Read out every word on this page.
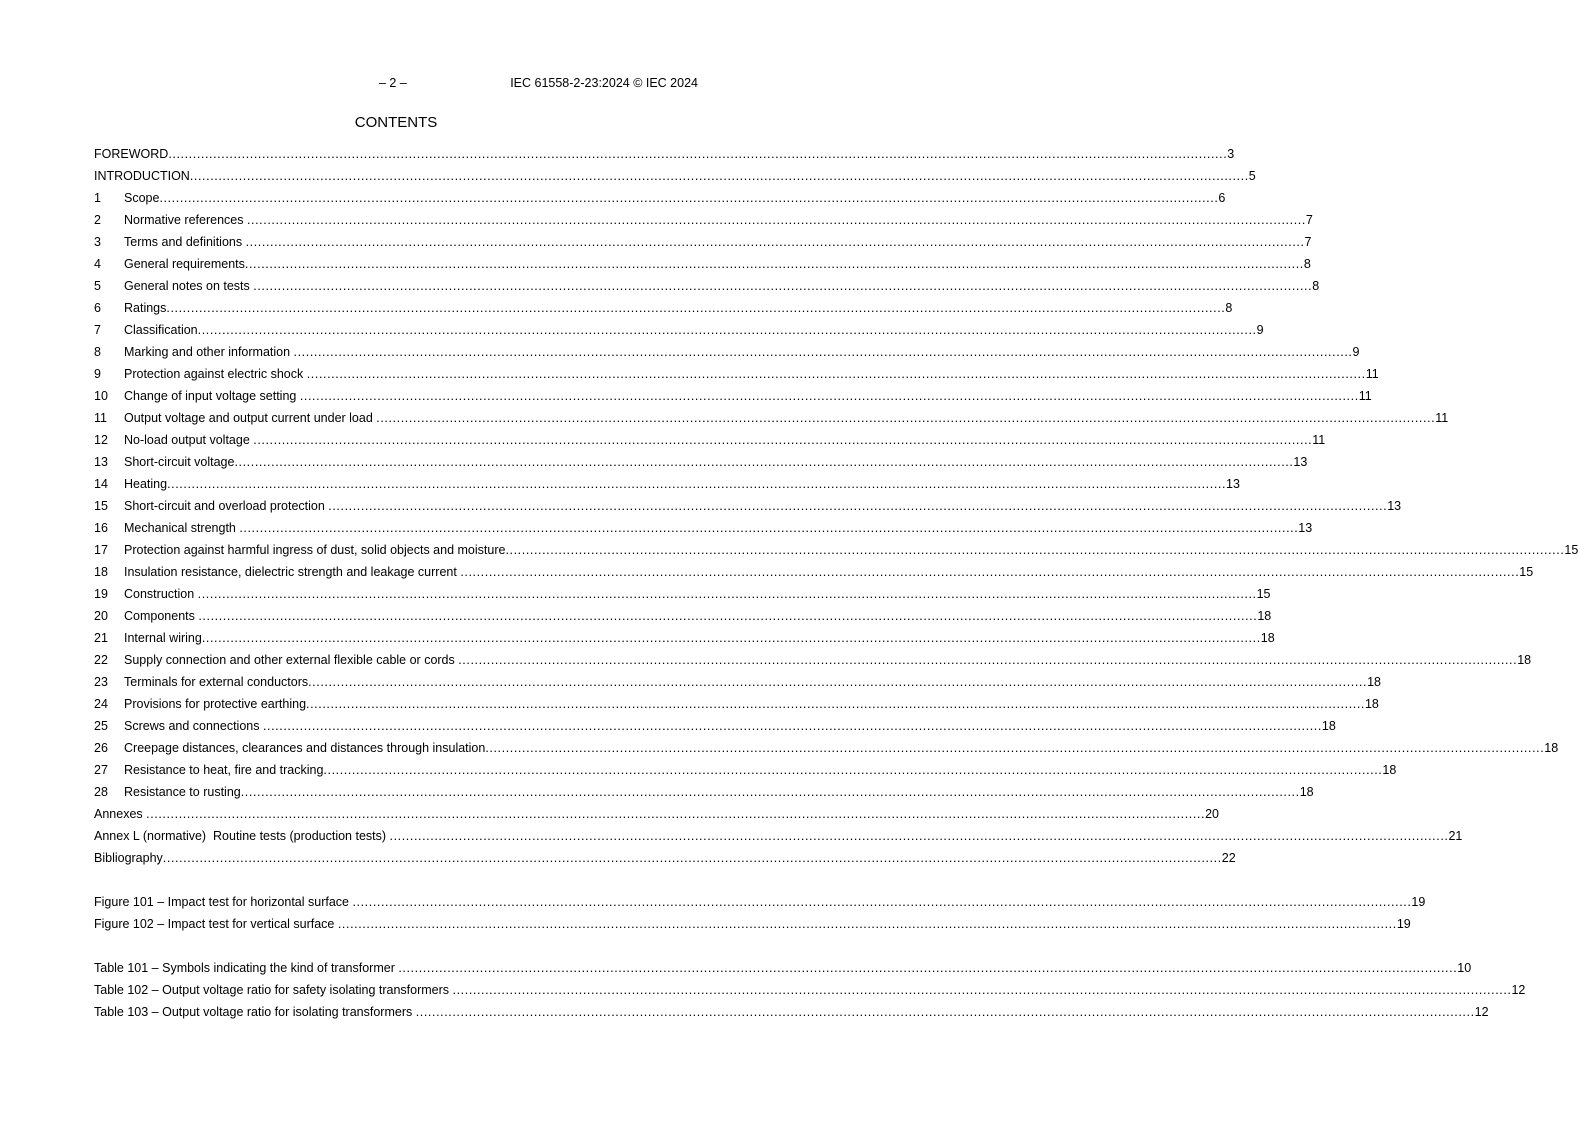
– 2 –	IEC 61558-2-23:2024 © IEC 2024
CONTENTS
FOREWORD .....	3
INTRODUCTION .....	5
1	Scope .....	6
2	Normative references .....	7
3	Terms and definitions .....	7
4	General requirements .....	8
5	General notes on tests .....	8
6	Ratings .....	8
7	Classification .....	9
8	Marking and other information .....	9
9	Protection against electric shock .....	11
10	Change of input voltage setting .....	11
11	Output voltage and output current under load .....	11
12	No-load output voltage .....	11
13	Short-circuit voltage .....	13
14	Heating .....	13
15	Short-circuit and overload protection .....	13
16	Mechanical strength .....	13
17	Protection against harmful ingress of dust, solid objects and moisture .....	15
18	Insulation resistance, dielectric strength and leakage current .....	15
19	Construction .....	15
20	Components .....	18
21	Internal wiring .....	18
22	Supply connection and other external flexible cable or cords .....	18
23	Terminals for external conductors .....	18
24	Provisions for protective earthing .....	18
25	Screws and connections .....	18
26	Creepage distances, clearances and distances through insulation .....	18
27	Resistance to heat, fire and tracking .....	18
28	Resistance to rusting .....	18
Annexes .....	20
Annex L (normative)  Routine tests (production tests) .....	21
Bibliography .....	22
Figure 101 – Impact test for horizontal surface .....	19
Figure 102 – Impact test for vertical surface .....	19
Table 101 – Symbols indicating the kind of transformer .....	10
Table 102 – Output voltage ratio for safety isolating transformers .....	12
Table 103 – Output voltage ratio for isolating transformers .....	12
